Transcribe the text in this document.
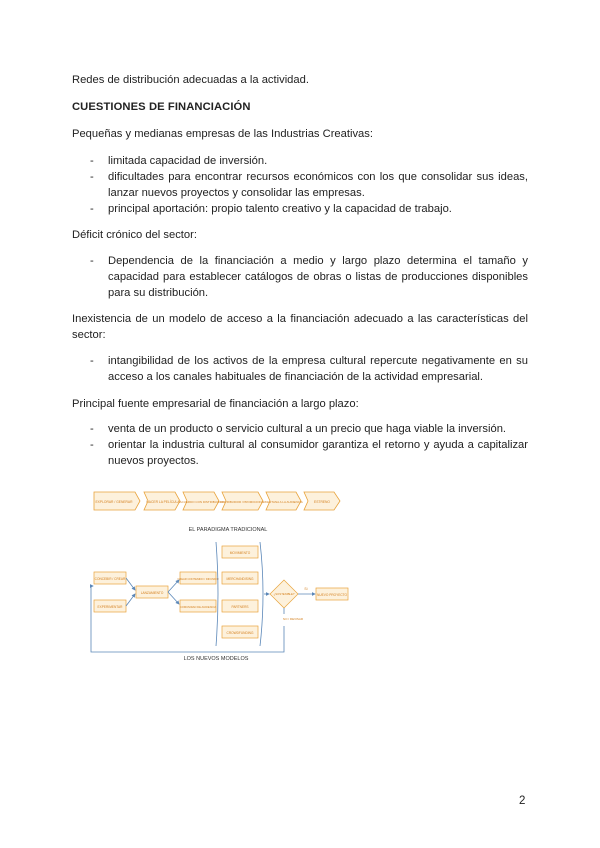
Redes de distribución adecuadas a la actividad.

CUESTIONES DE FINANCIACIÓN

Pequeñas y medianas empresas de las Industrias Creativas:

- limitada capacidad de inversión.
- dificultades para encontrar recursos económicos con los que consolidar sus ideas, lanzar nuevos proyectos y consolidar las empresas.
- principal aportación: propio talento creativo y la capacidad de trabajo.

Déficit crónico del sector:

- Dependencia de la financiación a medio y largo plazo determina el tamaño y capacidad para establecer catálogos de obras o listas de producciones disponibles para su distribución.

Inexistencia de un modelo de acceso a la financiación adecuado a las características del sector:

- intangibilidad de los activos de la empresa cultural repercute negativamente en su acceso a los canales habituales de financiación de la actividad empresarial.

Principal fuente empresarial de financiación a largo plazo:

- venta de un producto o servicio cultural a un precio que haga viable la inversión.
- orientar la industria cultural al consumidor garantiza el retorno y ayuda a capitalizar nuevos proyectos.
EXPLORAR / GENERAR	HACER LA PELÍCULA ACUERDO CON DISTRIBUIDOR
DISTRIBUIDOR / PROMOCIONAR VENTANA A LA AUDIENCIA	ESTRENO
EL PARADIGMA TRADICIONAL
CONCEBIR / CREAR
EXPERIMENTAR
LANZAMIENTO
CREAR CONTENIDO / DIFUNDIR
COMUNIDAD DE AUDIENCIA
MOVIMIENTO
MERCHANDISING
PARTNERS
CROWDFUNDING
¿SOSTENIBLE?	NUEVO PROYECTO
Sí
NO / REVISAR
LOS NUEVOS MODELOS
2
